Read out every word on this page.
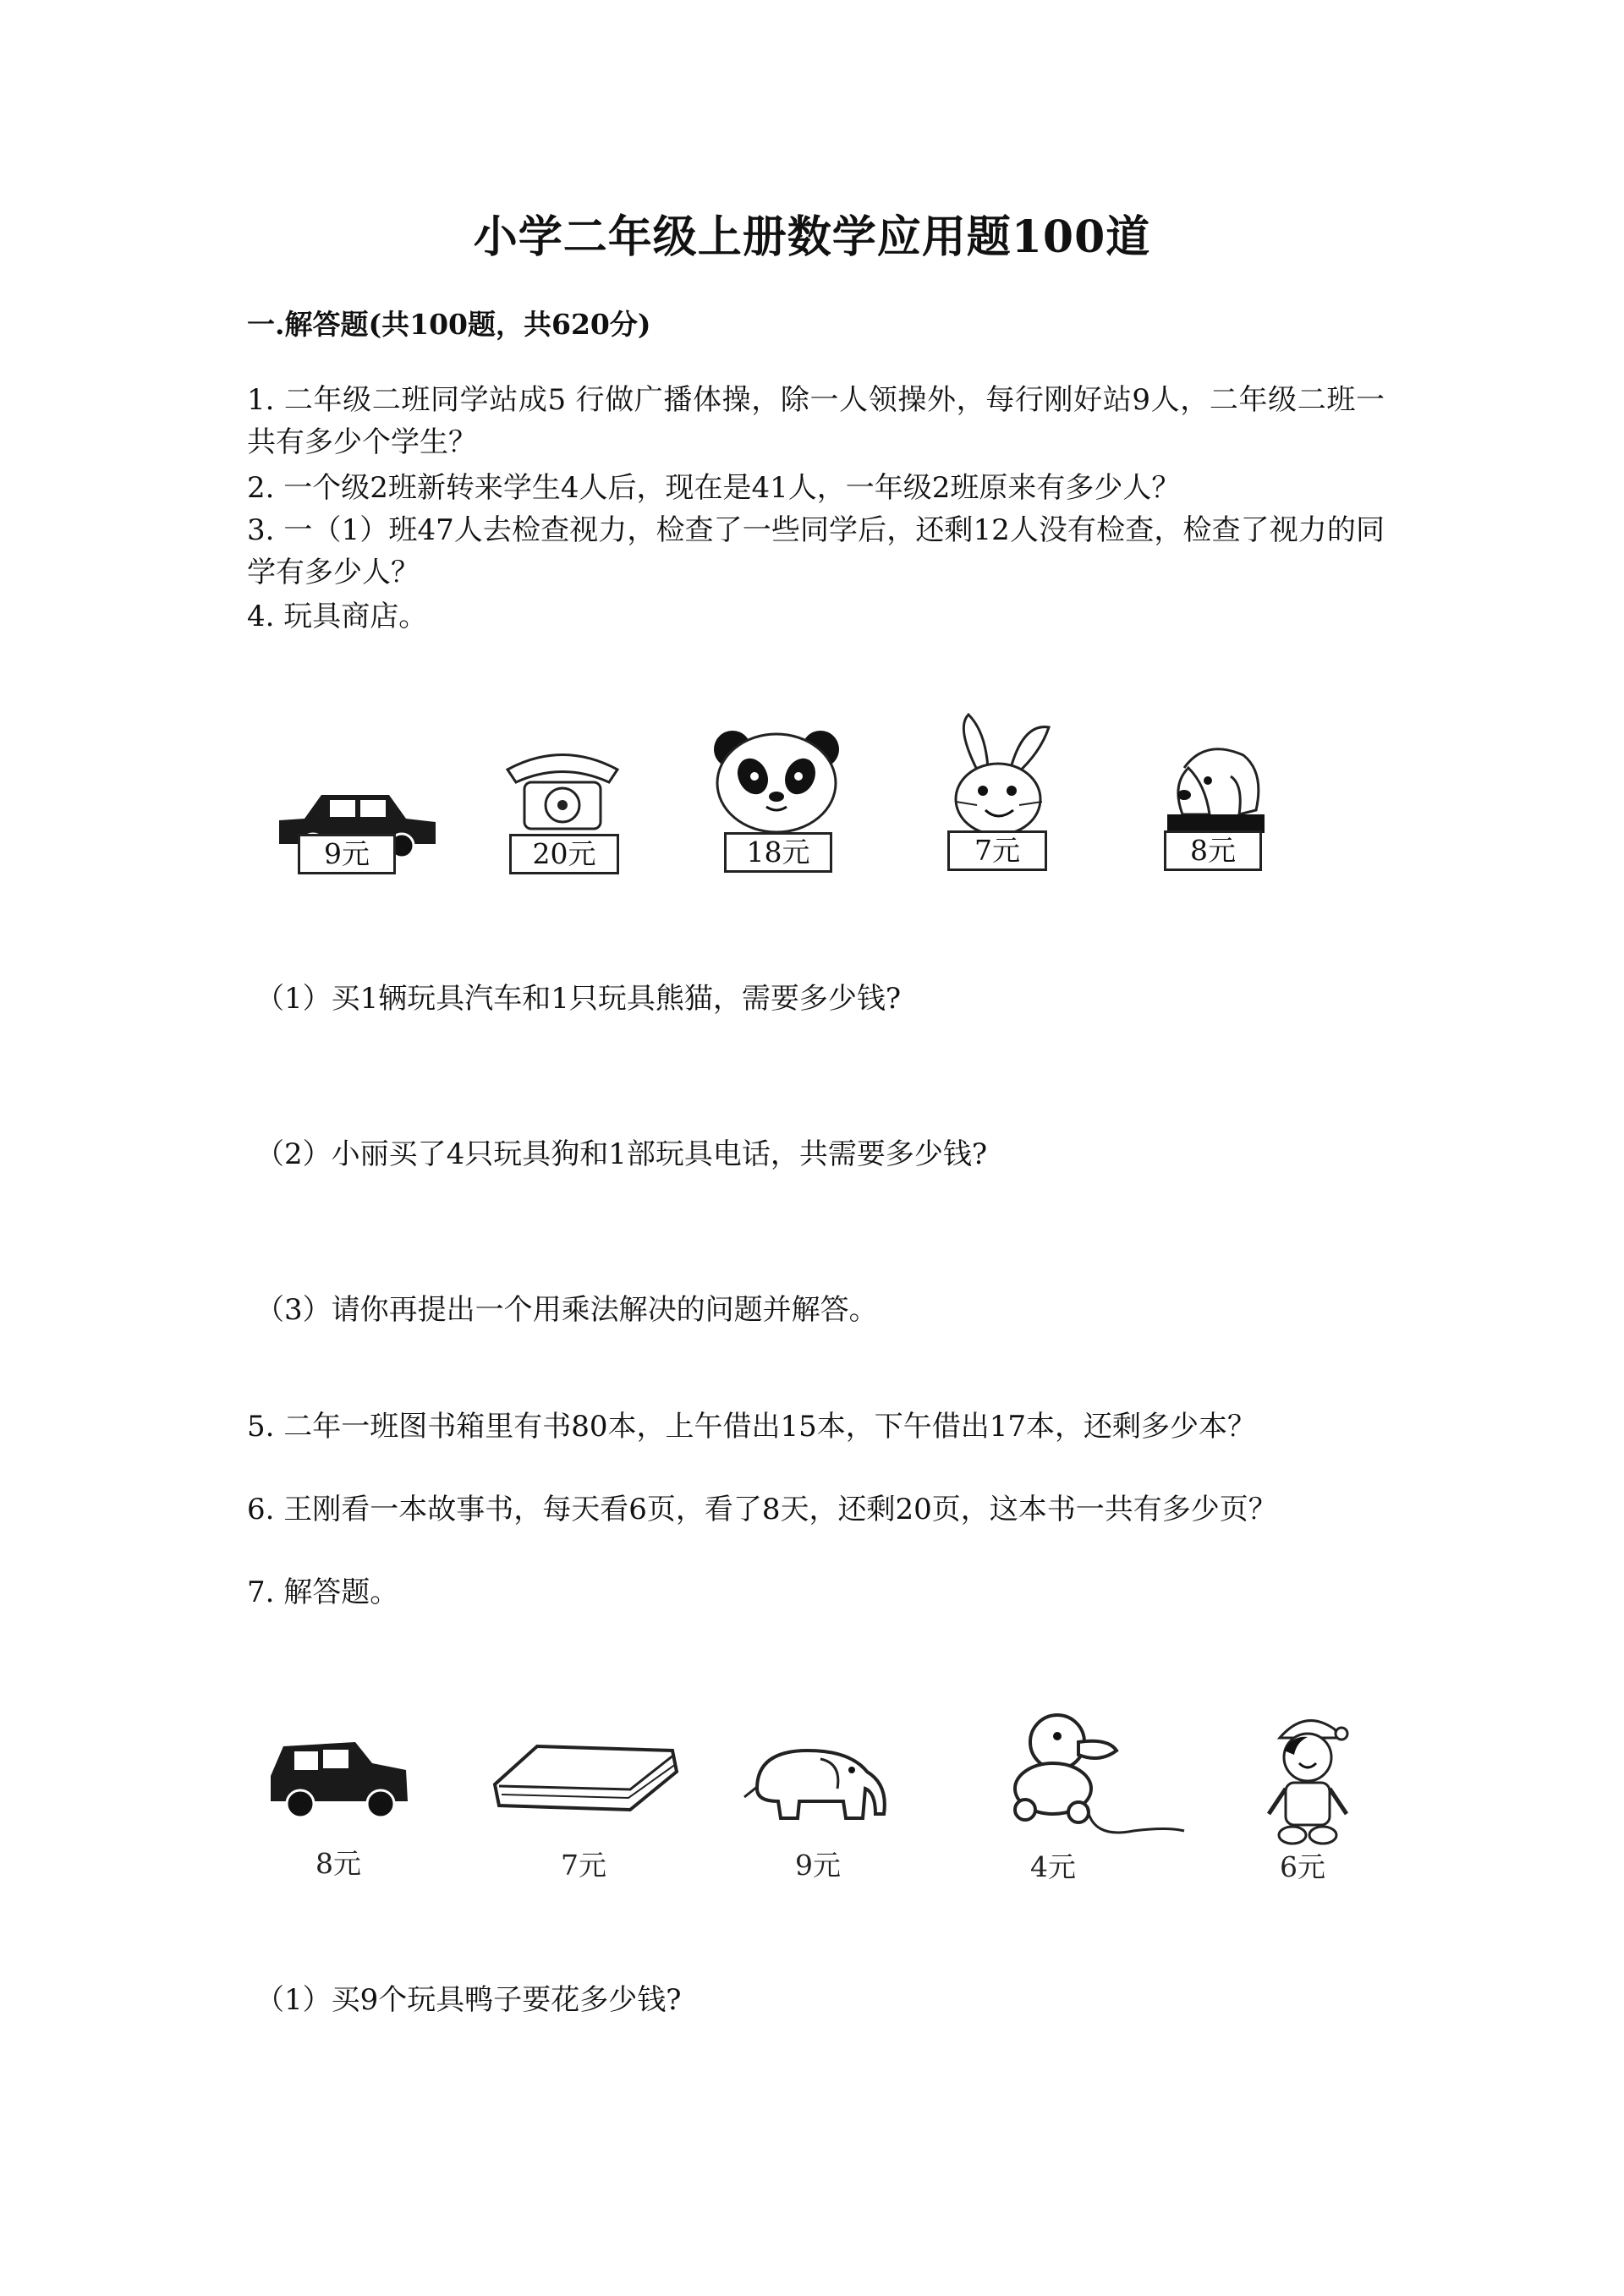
小学二年级上册数学应用题100道
一.解答题(共100题，共620分)
1. 二年级二班同学站成5 行做广播体操，除一人领操外，每行刚好站9人，二年级二班一共有多少个学生？
2. 一个级2班新转来学生4人后，现在是41人，一年级2班原来有多少人？
3. 一（1）班47人去检查视力，检查了一些同学后，还剩12人没有检查，检查了视力的同学有多少人？
4. 玩具商店。
9元	20元	18元	7元	8元
（1）买1辆玩具汽车和1只玩具熊猫，需要多少钱?
（2）小丽买了4只玩具狗和1部玩具电话，共需要多少钱?
（3）请你再提出一个用乘法解决的问题并解答。
5. 二年一班图书箱里有书80本，上午借出15本，下午借出17本，还剩多少本？
6. 王刚看一本故事书，每天看6页，看了8天，还剩20页，这本书一共有多少页？
7. 解答题。
8元	7元	9元	4元	6元
（1）买9个玩具鸭子要花多少钱?
